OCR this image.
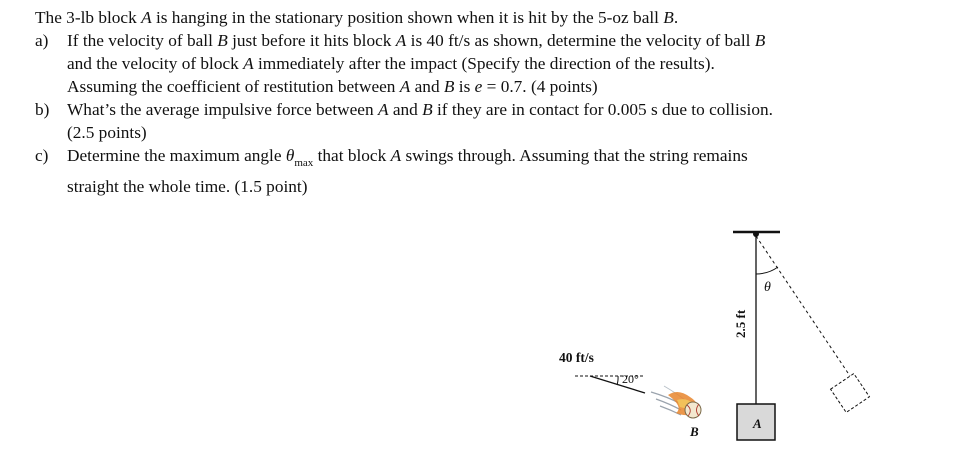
The 3-lb block A is hanging in the stationary position shown when it is hit by the 5-oz ball B.
a) If the velocity of ball B just before it hits block A is 40 ft/s as shown, determine the velocity of ball B
and the velocity of block A immediately after the impact (Specify the direction of the results).
Assuming the coefficient of restitution between A and B is e = 0.7. (4 points)
b) What’s the average impulsive force between A and B if they are in contact for 0.005 s due to collision.
(2.5 points)
c) Determine the maximum angle $\theta_{max}$ that block A swings through. Assuming that the string remains
straight the whole time. (1.5 point)
2.5 ft
θ
A
40 ft/s
20°
B
